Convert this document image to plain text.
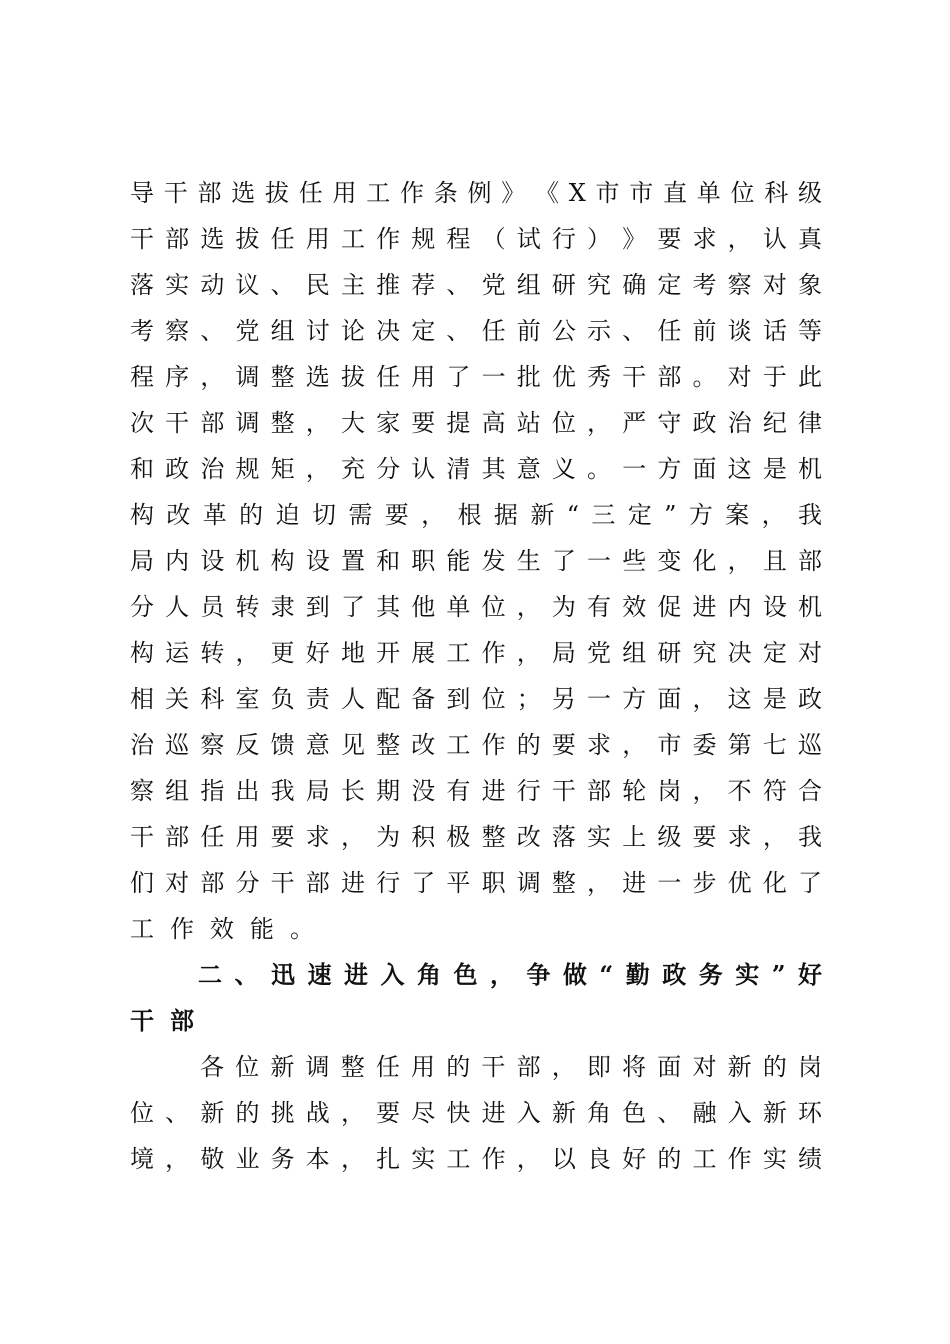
导​干​部​选​拔​任​用​工​作​条​例​》​《​X​市​市​直​单​位​科​级
干​部​选​拔​任​用​工​作​规​程​（​试​行​）​》​要​求​，​认​真
落​实​动​议​、​民​主​推​荐​、​党​组​研​究​确​定​考​察​对​象
考​察​、​党​组​讨​论​决​定​、​任​前​公​示​、​任​前​谈​话​等
程​序​，​调​整​选​拔​任​用​了​一​批​优​秀​干​部​。​对​于​此
次​干​部​调​整​，​大​家​要​提​高​站​位​，​严​守​政​治​纪​律
和​政​治​规​矩​，​充​分​认​清​其​意​义​。​一​方​面​这​是​机
构​改​革​的​迫​切​需​要​，​根​据​新​“​三​定​”​方​案​，​我
局​内​设​机​构​设​置​和​职​能​发​生​了​一​些​变​化​，​且​部
分​人​员​转​隶​到​了​其​他​单​位​，​为​有​效​促​进​内​设​机
构​运​转​，​更​好​地​开​展​工​作​，​局​党​组​研​究​决​定​对
相​关​科​室​负​责​人​配​备​到​位​；​另​一​方​面​，​这​是​政
治​巡​察​反​馈​意​见​整​改​工​作​的​要​求​，​市​委​第​七​巡
察​组​指​出​我​局​长​期​没​有​进​行​干​部​轮​岗​，​不​符​合
干​部​任​用​要​求​，​为​积​极​整​改​落​实​上​级​要​求​，​我
们​对​部​分​干​部​进​行​了​平​职​调​整​，​进​一​步​优​化​了
工作效能。
二​、​迅​速​进​入​角​色​，​争​做​“​勤​政​务​实​”​好
干部
各​位​新​调​整​任​用​的​干​部​，​即​将​面​对​新​的​岗
位​、​新​的​挑​战​，​要​尽​快​进​入​新​角​色​、​融​入​新​环
境​，​敬​业​务​本​，​扎​实​工​作​，​以​良​好​的​工​作​实​绩
